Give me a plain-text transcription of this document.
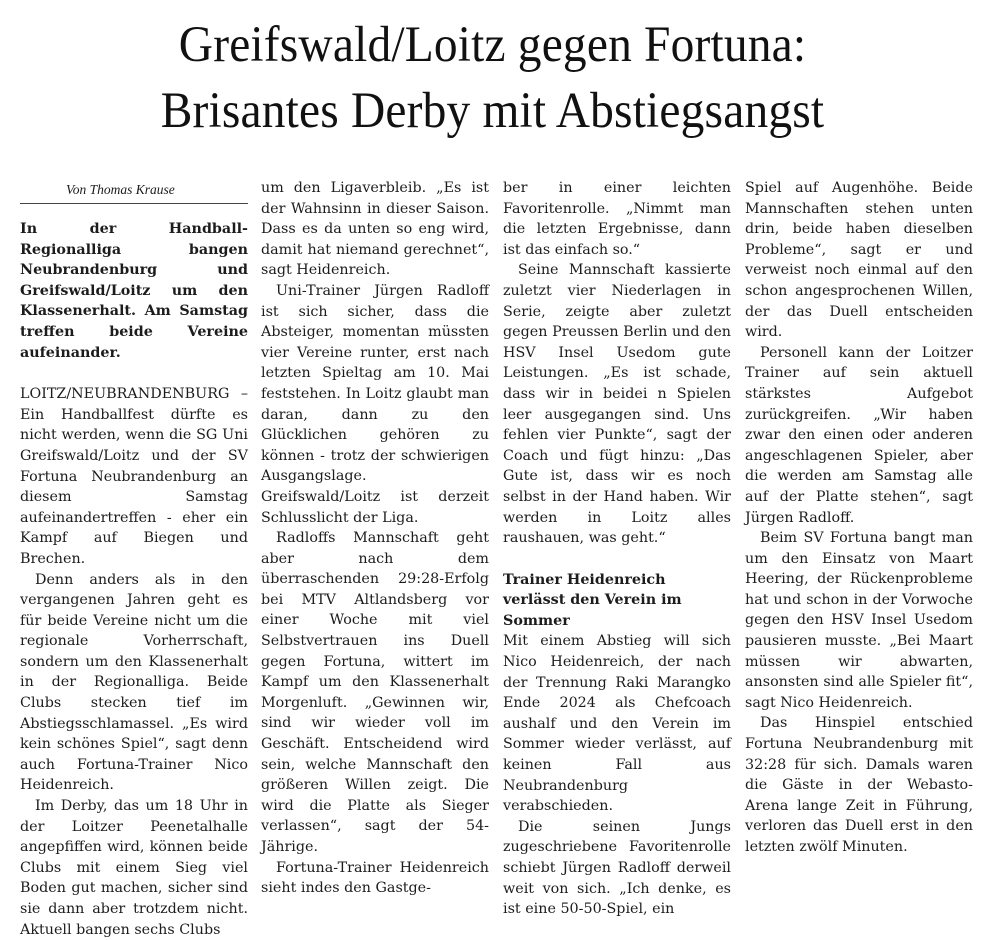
Greifswald/Loitz gegen Fortuna:
Brisantes Derby mit Abstiegsangst
Von Thomas Krause
In der Handball-Regionalliga bangen Neubrandenburg und Greifswald/Loitz um den Klassenerhalt. Am Samstag treffen beide Vereine aufeinander.

LOITZ/NEUBRANDENBURG – Ein Handballfest dürfte es nicht werden, wenn die SG Uni Greifswald/Loitz und der SV Fortuna Neubrandenburg an diesem Samstag aufeinandertreffen - eher ein Kampf auf Biegen und Brechen.

Denn anders als in den vergangenen Jahren geht es für beide Vereine nicht um die regionale Vorherrschaft, sondern um den Klassenerhalt in der Regionalliga. Beide Clubs stecken tief im Abstiegsschlamassel. „Es wird kein schönes Spiel“, sagt denn auch Fortuna-Trainer Nico Heidenreich.

Im Derby, das um 18 Uhr in der Loitzer Peenetalhalle angepfiffen wird, können beide Clubs mit einem Sieg viel Boden gut machen, sicher sind sie dann aber trotzdem nicht. Aktuell bangen sechs Clubs

um den Ligaverbleib. „Es ist der Wahnsinn in dieser Saison. Dass es da unten so eng wird, damit hat niemand gerechnet“, sagt Heidenreich.

Uni-Trainer Jürgen Radloff ist sich sicher, dass die Absteiger, momentan müssten vier Vereine runter, erst nach letzten Spieltag am 10. Mai feststehen. In Loitz glaubt man daran, dann zu den Glücklichen gehören zu können - trotz der schwierigen Ausgangslage. Greifswald/Loitz ist derzeit Schlusslicht der Liga.

Radloffs Mannschaft geht aber nach dem überraschenden 29:28-Erfolg bei MTV Altlandsberg vor einer Woche mit viel Selbstvertrauen ins Duell gegen Fortuna, wittert im Kampf um den Klassenerhalt Morgenluft. „Gewinnen wir, sind wir wieder voll im Geschäft. Entscheidend wird sein, welche Mannschaft den größeren Willen zeigt. Die wird die Platte als Sieger verlassen“, sagt der 54-Jährige.

Fortuna-Trainer Heidenreich sieht indes den Gastge-

ber in einer leichten Favoritenrolle. „Nimmt man die letzten Ergebnisse, dann ist das einfach so.“

Seine Mannschaft kassierte zuletzt vier Niederlagen in Serie, zeigte aber zuletzt gegen Preussen Berlin und den HSV Insel Usedom gute Leistungen. „Es ist schade, dass wir in beidei n Spielen leer ausgegangen sind. Uns fehlen vier Punkte“, sagt der Coach und fügt hinzu: „Das Gute ist, dass wir es noch selbst in der Hand haben. Wir werden in Loitz alles raushauen, was geht.“

Trainer Heidenreich verlässt den Verein im Sommer

Mit einem Abstieg will sich Nico Heidenreich, der nach der Trennung Raki Marangko Ende 2024 als Chefcoach aushalf und den Verein im Sommer wieder verlässt, auf keinen Fall aus Neubrandenburg verabschieden.

Die seinen Jungs zugeschriebene Favoritenrolle schiebt Jürgen Radloff derweil weit von sich. „Ich denke, es ist eine 50-50-Spiel, ein

Spiel auf Augenhöhe. Beide Mannschaften stehen unten drin, beide haben dieselben Probleme“, sagt er und verweist noch einmal auf den schon angesprochenen Willen, der das Duell entscheiden wird.

Personell kann der Loitzer Trainer auf sein aktuell stärkstes Aufgebot zurückgreifen. „Wir haben zwar den einen oder anderen angeschlagenen Spieler, aber die werden am Samstag alle auf der Platte stehen“, sagt Jürgen Radloff.

Beim SV Fortuna bangt man um den Einsatz von Maart Heering, der Rückenprobleme hat und schon in der Vorwoche gegen den HSV Insel Usedom pausieren musste. „Bei Maart müssen wir abwarten, ansonsten sind alle Spieler fit“, sagt Nico Heidenreich.

Das Hinspiel entschied Fortuna Neubrandenburg mit 32:28 für sich. Damals waren die Gäste in der Webasto-Arena lange Zeit in Führung, verloren das Duell erst in den letzten zwölf Minuten.
